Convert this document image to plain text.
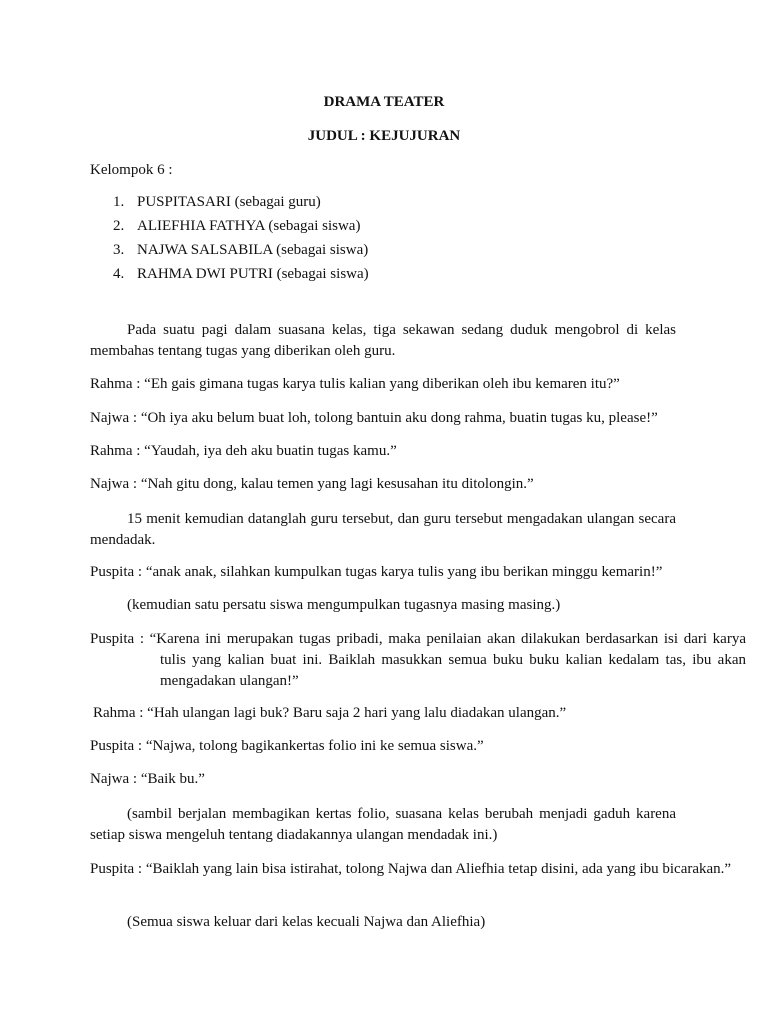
DRAMA TEATER
JUDUL : KEJUJURAN
Kelompok 6 :
1. PUSPITASARI (sebagai guru)
2. ALIEFHIA FATHYA (sebagai siswa)
3. NAJWA SALSABILA (sebagai siswa)
4. RAHMA DWI PUTRI (sebagai siswa)
Pada suatu pagi dalam suasana kelas, tiga sekawan sedang duduk mengobrol di kelas membahas tentang tugas yang diberikan oleh guru.
Rahma : “Eh gais gimana tugas karya tulis kalian yang diberikan oleh ibu kemaren itu?”
Najwa : “Oh iya aku belum buat loh, tolong bantuin aku dong rahma, buatin tugas ku, please!”
Rahma : “Yaudah, iya deh aku buatin tugas kamu.”
Najwa : “Nah gitu dong, kalau temen yang lagi kesusahan itu ditolongin.”
15 menit kemudian datanglah guru tersebut, dan guru tersebut mengadakan ulangan secara mendadak.
Puspita : “anak anak, silahkan kumpulkan tugas karya tulis yang ibu berikan minggu kemarin!”
(kemudian satu persatu siswa mengumpulkan tugasnya masing masing.)
Puspita : “Karena ini merupakan tugas pribadi, maka penilaian akan dilakukan berdasarkan isi dari karya tulis yang kalian buat ini. Baiklah masukkan semua buku buku kalian kedalam tas, ibu akan mengadakan ulangan!”
Rahma : “Hah ulangan lagi buk? Baru saja 2 hari yang lalu diadakan ulangan.”
Puspita : “Najwa, tolong bagikankertas folio ini ke semua siswa.”
Najwa : “Baik bu.”
(sambil berjalan membagikan kertas folio, suasana kelas berubah menjadi gaduh karena setiap siswa mengeluh tentang diadakannya ulangan mendadak ini.)
Puspita : “Baiklah yang lain bisa istirahat, tolong Najwa dan Aliefhia tetap disini, ada yang ibu bicarakan.”
(Semua siswa keluar dari kelas kecuali Najwa dan Aliefhia)
